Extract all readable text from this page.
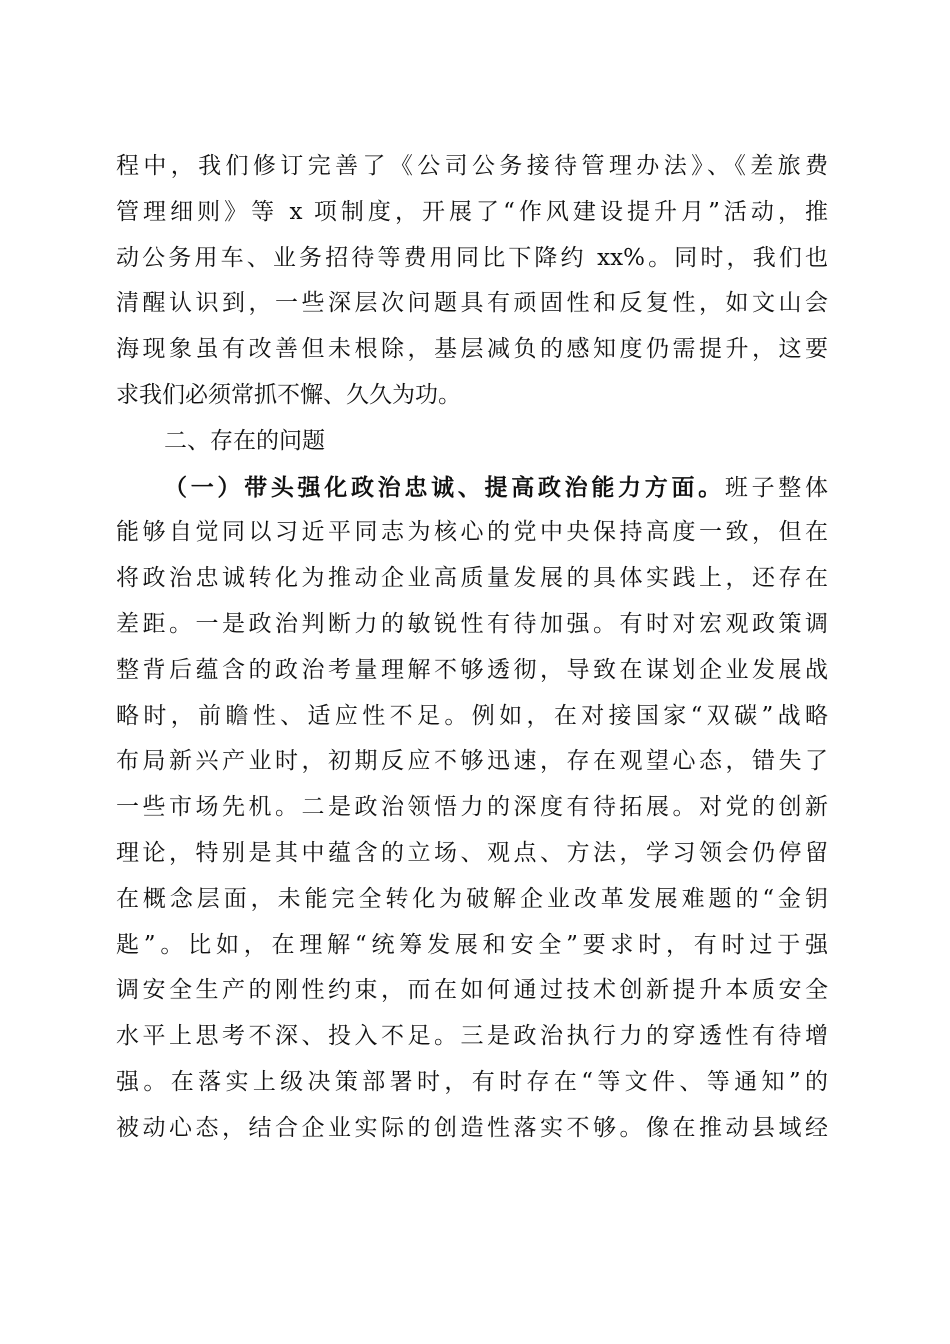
程中，我们修订完善了《公司公务接待管理办法》、《差旅费
管理细则》等 x 项制度，开展了“作风建设提升月”活动，推
动公务用车、业务招待等费用同比下降约 xx%。同时，我们也
清醒认识到，一些深层次问题具有顽固性和反复性，如文山会
海现象虽有改善但未根除，基层减负的感知度仍需提升，这要
求我们必须常抓不懈、久久为功。
二、存在的问题
（一）带头强化政治忠诚、提高政治能力方面。班子整体
能够自觉同以习近平同志为核心的党中央保持高度一致，但在
将政治忠诚转化为推动企业高质量发展的具体实践上，还存在
差距。一是政治判断力的敏锐性有待加强。有时对宏观政策调
整背后蕴含的政治考量理解不够透彻，导致在谋划企业发展战
略时，前瞻性、适应性不足。例如，在对接国家“双碳”战略
布局新兴产业时，初期反应不够迅速，存在观望心态，错失了
一些市场先机。二是政治领悟力的深度有待拓展。对党的创新
理论，特别是其中蕴含的立场、观点、方法，学习领会仍停留
在概念层面，未能完全转化为破解企业改革发展难题的“金钥
匙”。比如，在理解“统筹发展和安全”要求时，有时过于强
调安全生产的刚性约束，而在如何通过技术创新提升本质安全
水平上思考不深、投入不足。三是政治执行力的穿透性有待增
强。在落实上级决策部署时，有时存在“等文件、等通知”的
被动心态，结合企业实际的创造性落实不够。像在推动县域经
